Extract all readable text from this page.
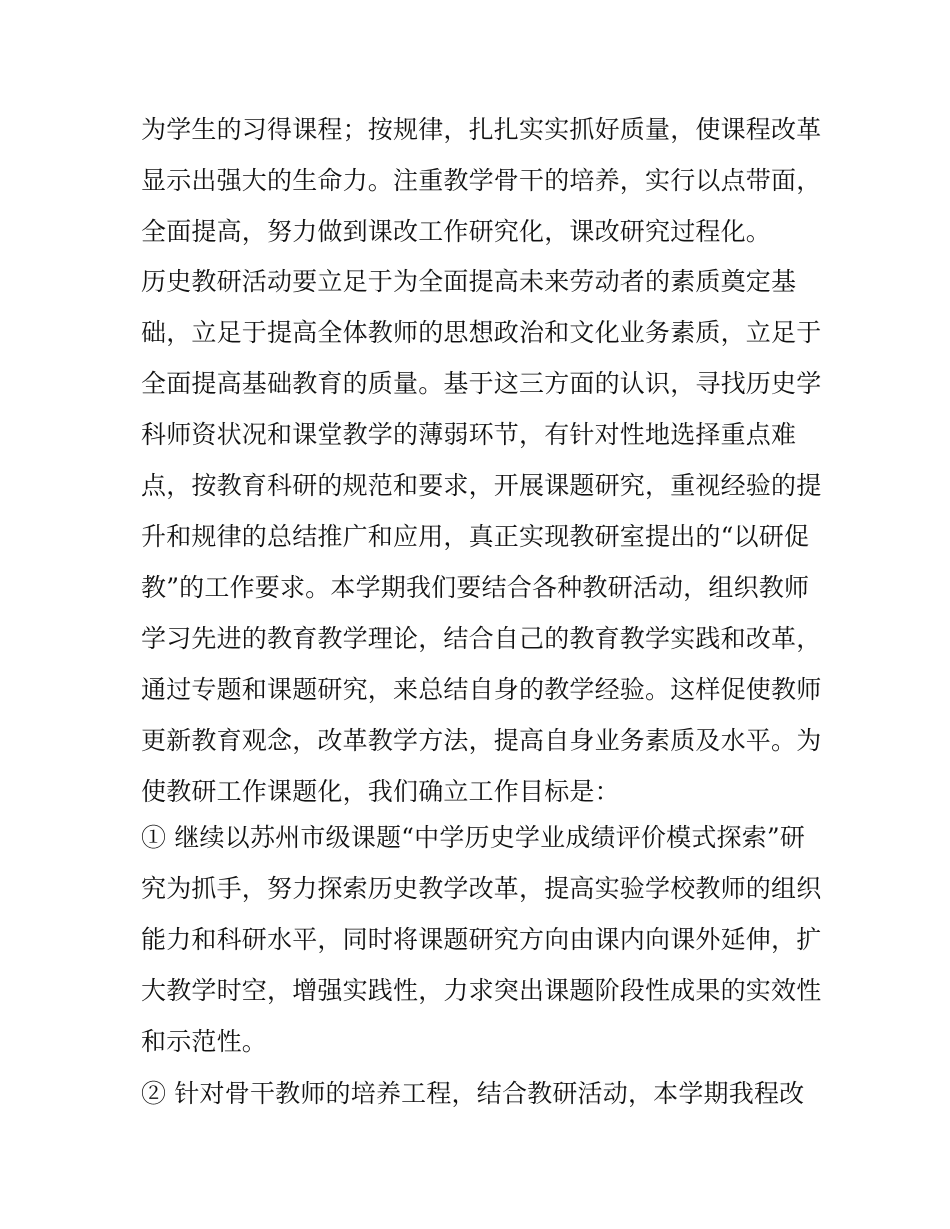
为学生的习得课程；按规律，扎扎实实抓好质量，使课程改革
显示出强大的生命力。注重教学骨干的培养，实行以点带面，
全面提高，努力做到课改工作研究化，课改研究过程化。
历史教研活动要立足于为全面提高未来劳动者的素质奠定基
础，立足于提高全体教师的思想政治和文化业务素质，立足于
全面提高基础教育的质量。基于这三方面的认识，寻找历史学
科师资状况和课堂教学的薄弱环节，有针对性地选择重点难
点，按教育科研的规范和要求，开展课题研究，重视经验的提
升和规律的总结推广和应用，真正实现教研室提出的“以研促
教”的工作要求。本学期我们要结合各种教研活动，组织教师
学习先进的教育教学理论，结合自己的教育教学实践和改革，
通过专题和课题研究，来总结自身的教学经验。这样促使教师
更新教育观念，改革教学方法，提高自身业务素质及水平。为
使教研工作课题化，我们确立工作目标是：
① 继续以苏州市级课题“中学历史学业成绩评价模式探索”研
究为抓手，努力探索历史教学改革，提高实验学校教师的组织
能力和科研水平，同时将课题研究方向由课内向课外延伸，扩
大教学时空，增强实践性，力求突出课题阶段性成果的实效性
和示范性。
② 针对骨干教师的培养工程，结合教研活动，本学期我程改
